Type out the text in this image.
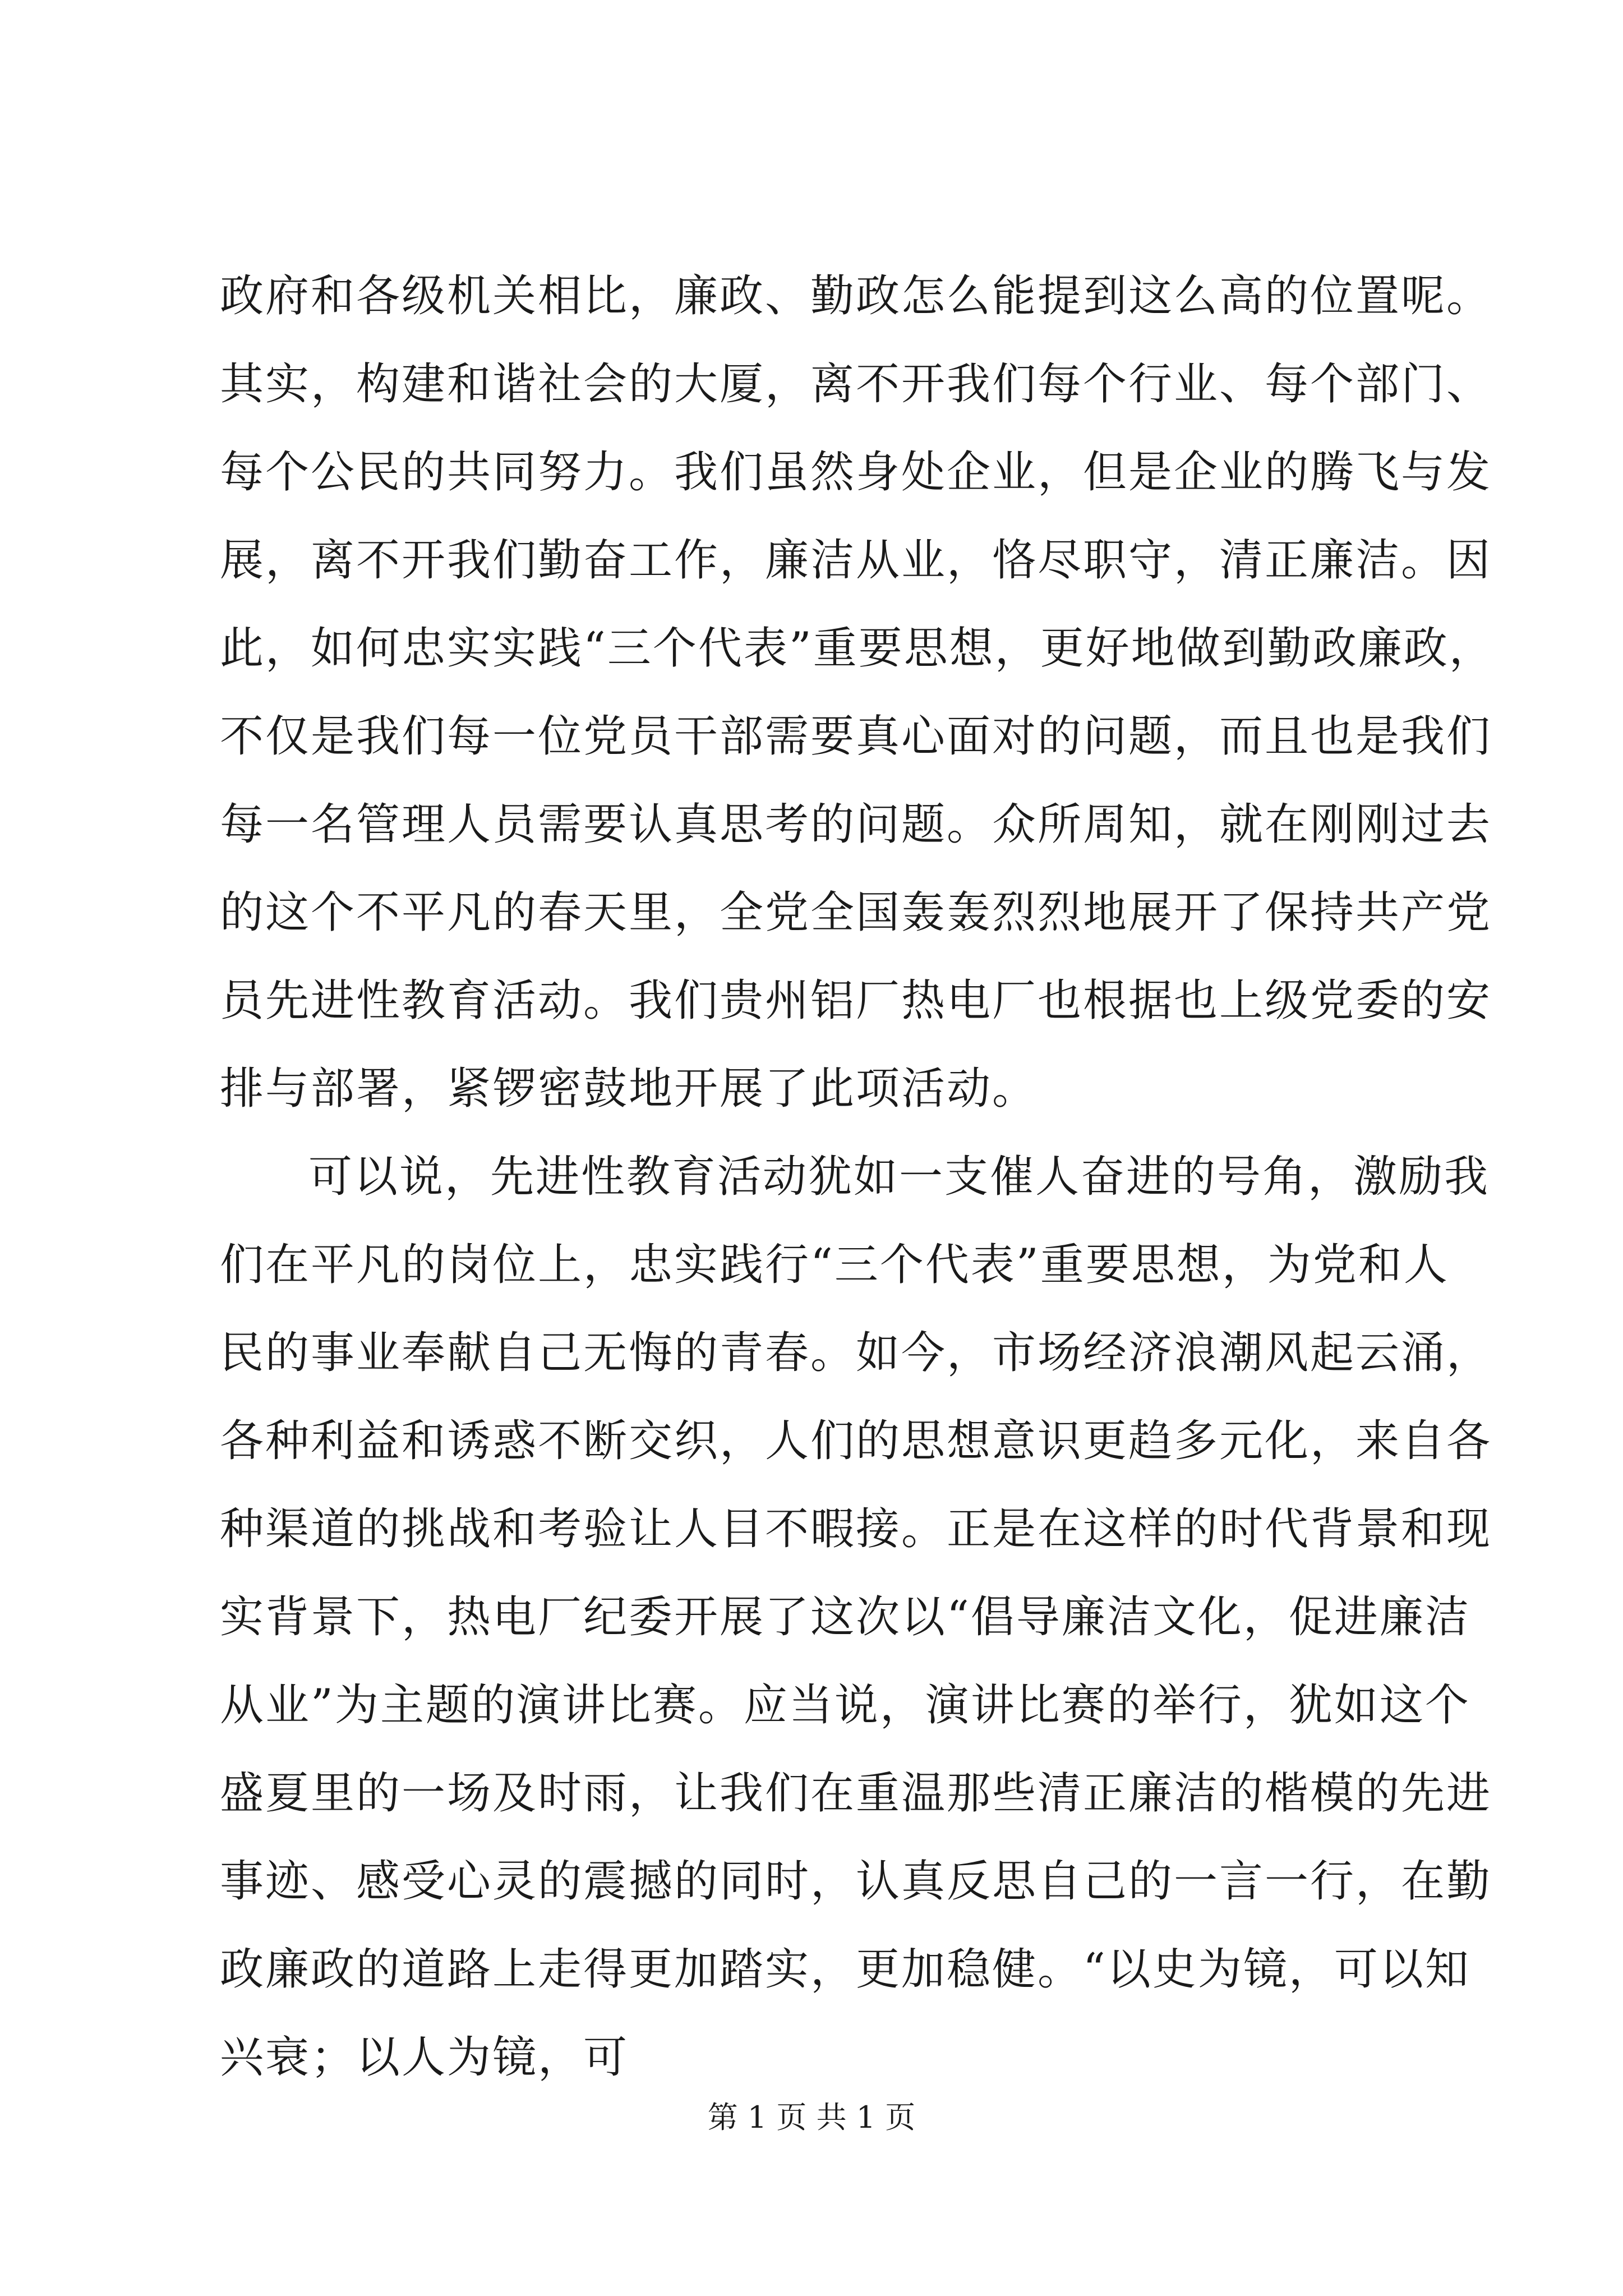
政府和各级机关相比，廉政、勤政怎么能提到这么高的位置呢。
其实，构建和谐社会的大厦，离不开我们每个行业、每个部门、
每个公民的共同努力。我们虽然身处企业，但是企业的腾飞与发
展，离不开我们勤奋工作，廉洁从业，恪尽职守，清正廉洁。因
此，如何忠实实践“三个代表”重要思想，更好地做到勤政廉政，
不仅是我们每一位党员干部需要真心面对的问题，而且也是我们
每一名管理人员需要认真思考的问题。众所周知，就在刚刚过去
的这个不平凡的春天里，全党全国轰轰烈烈地展开了保持共产党
员先进性教育活动。我们贵州铝厂热电厂也根据也上级党委的安
排与部署，紧锣密鼓地开展了此项活动。
可以说，先进性教育活动犹如一支催人奋进的号角，激励我
们在平凡的岗位上，忠实践行“三个代表”重要思想，为党和人
民的事业奉献自己无悔的青春。如今，市场经济浪潮风起云涌，
各种利益和诱惑不断交织，人们的思想意识更趋多元化，来自各
种渠道的挑战和考验让人目不暇接。正是在这样的时代背景和现
实背景下，热电厂纪委开展了这次以“倡导廉洁文化，促进廉洁
从业”为主题的演讲比赛。应当说，演讲比赛的举行，犹如这个
盛夏里的一场及时雨，让我们在重温那些清正廉洁的楷模的先进
事迹、感受心灵的震撼的同时，认真反思自己的一言一行，在勤
政廉政的道路上走得更加踏实，更加稳健。“以史为镜，可以知
兴衰；以人为镜，可
第 1 页 共 1 页
